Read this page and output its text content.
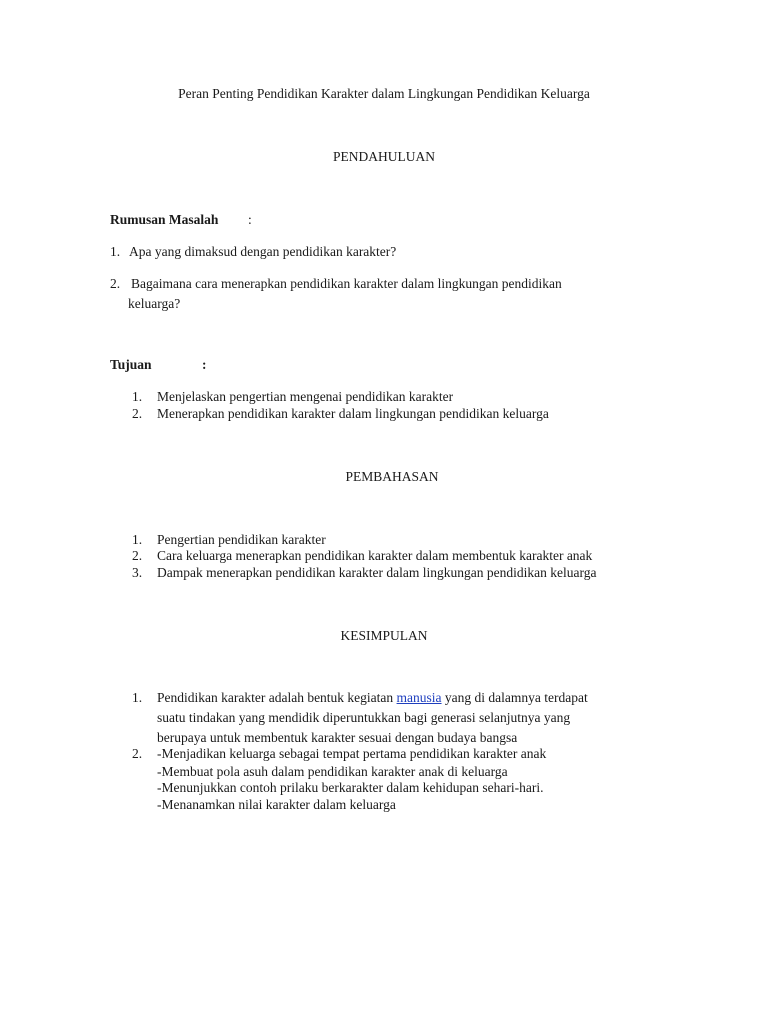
Peran Penting Pendidikan Karakter dalam Lingkungan Pendidikan Keluarga
PENDAHULUAN
Rumusan Masalah :
1. Apa yang dimaksud dengan pendidikan karakter?
2. Bagaimana cara menerapkan pendidikan karakter dalam lingkungan pendidikan
keluarga?
Tujuan	:
1. Menjelaskan pengertian mengenai pendidikan karakter
2. Menerapkan pendidikan karakter dalam lingkungan pendidikan keluarga
PEMBAHASAN
1. Pengertian pendidikan karakter
2. Cara keluarga menerapkan pendidikan karakter dalam membentuk karakter anak
3. Dampak menerapkan pendidikan karakter dalam lingkungan pendidikan keluarga
KESIMPULAN
1. Pendidikan karakter adalah bentuk kegiatan manusia yang di dalamnya terdapat
suatu tindakan yang mendidik diperuntukkan bagi generasi selanjutnya yang
berupaya untuk membentuk karakter sesuai dengan budaya bangsa
2. -Menjadikan keluarga sebagai tempat pertama pendidikan karakter anak
-Membuat pola asuh dalam pendidikan karakter anak di keluarga
-Menunjukkan contoh prilaku berkarakter dalam kehidupan sehari-hari.
-Menanamkan nilai karakter dalam keluarga
